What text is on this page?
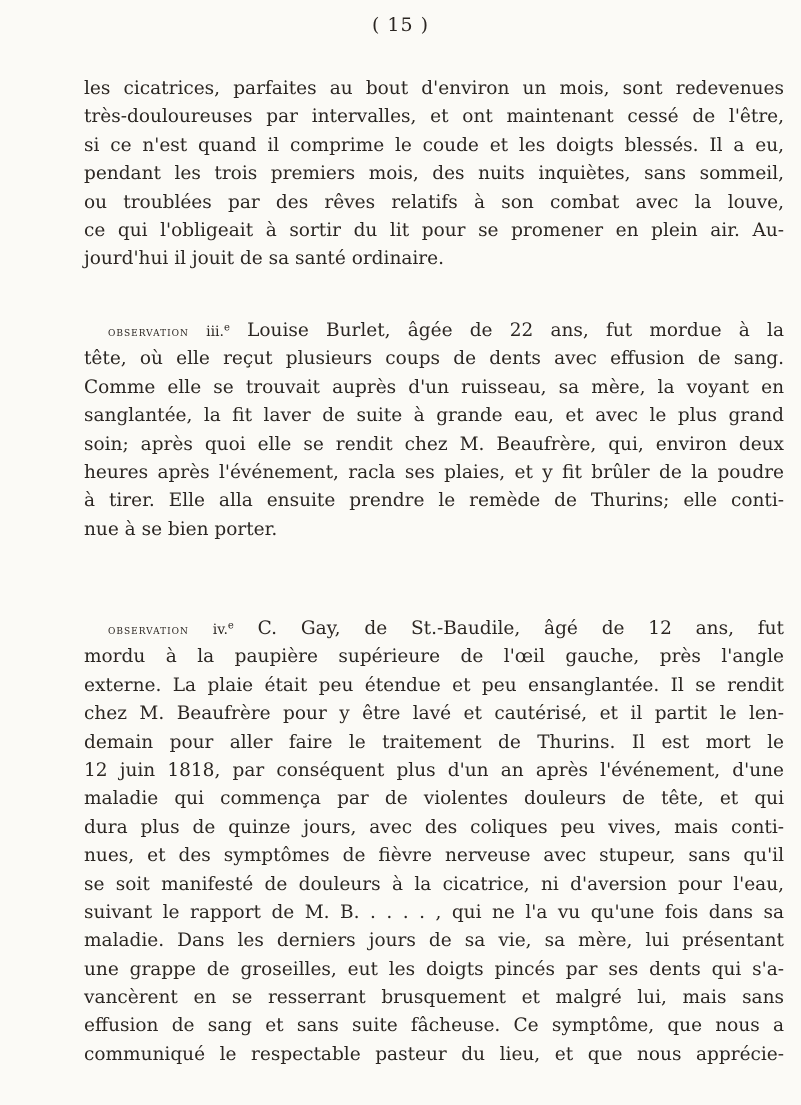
( 15 )
les cicatrices, parfaites au bout d'environ un mois, sont redevenues
très-douloureuses par intervalles, et ont maintenant cessé de l'être,
si ce n'est quand il comprime le coude et les doigts blessés. Il a eu,
pendant les trois premiers mois, des nuits inquiètes, sans sommeil,
ou troublées par des rêves relatifs à son combat avec la louve,
ce qui l'obligeait à sortir du lit pour se promener en plein air. Au-
jourd'hui il jouit de sa santé ordinaire.
observation iii.$^e$ Louise Burlet, âgée de 22 ans, fut mordue à la
tête, où elle reçut plusieurs coups de dents avec effusion de sang.
Comme elle se trouvait auprès d'un ruisseau, sa mère, la voyant en
sanglantée, la fit laver de suite à grande eau, et avec le plus grand
soin; après quoi elle se rendit chez M. Beaufrère, qui, environ deux
heures après l'événement, racla ses plaies, et y fit brûler de la poudre
à tirer. Elle alla ensuite prendre le remède de Thurins; elle conti-
nue à se bien porter.
observation iv.$^e$ C. Gay, de St.-Baudile, âgé de 12 ans, fut
mordu à la paupière supérieure de l'œil gauche, près l'angle
externe. La plaie était peu étendue et peu ensanglantée. Il se rendit
chez M. Beaufrère pour y être lavé et cautérisé, et il partit le len-
demain pour aller faire le traitement de Thurins. Il est mort le
12 juin 1818, par conséquent plus d'un an après l'événement, d'une
maladie qui commença par de violentes douleurs de tête, et qui
dura plus de quinze jours, avec des coliques peu vives, mais conti-
nues, et des symptômes de fièvre nerveuse avec stupeur, sans qu'il
se soit manifesté de douleurs à la cicatrice, ni d'aversion pour l'eau,
suivant le rapport de M. B. . . . . , qui ne l'a vu qu'une fois dans sa
maladie. Dans les derniers jours de sa vie, sa mère, lui présentant
une grappe de groseilles, eut les doigts pincés par ses dents qui s'a-
vancèrent en se resserrant brusquement et malgré lui, mais sans
effusion de sang et sans suite fâcheuse. Ce symptôme, que nous a
communiqué le respectable pasteur du lieu, et que nous apprécie-
